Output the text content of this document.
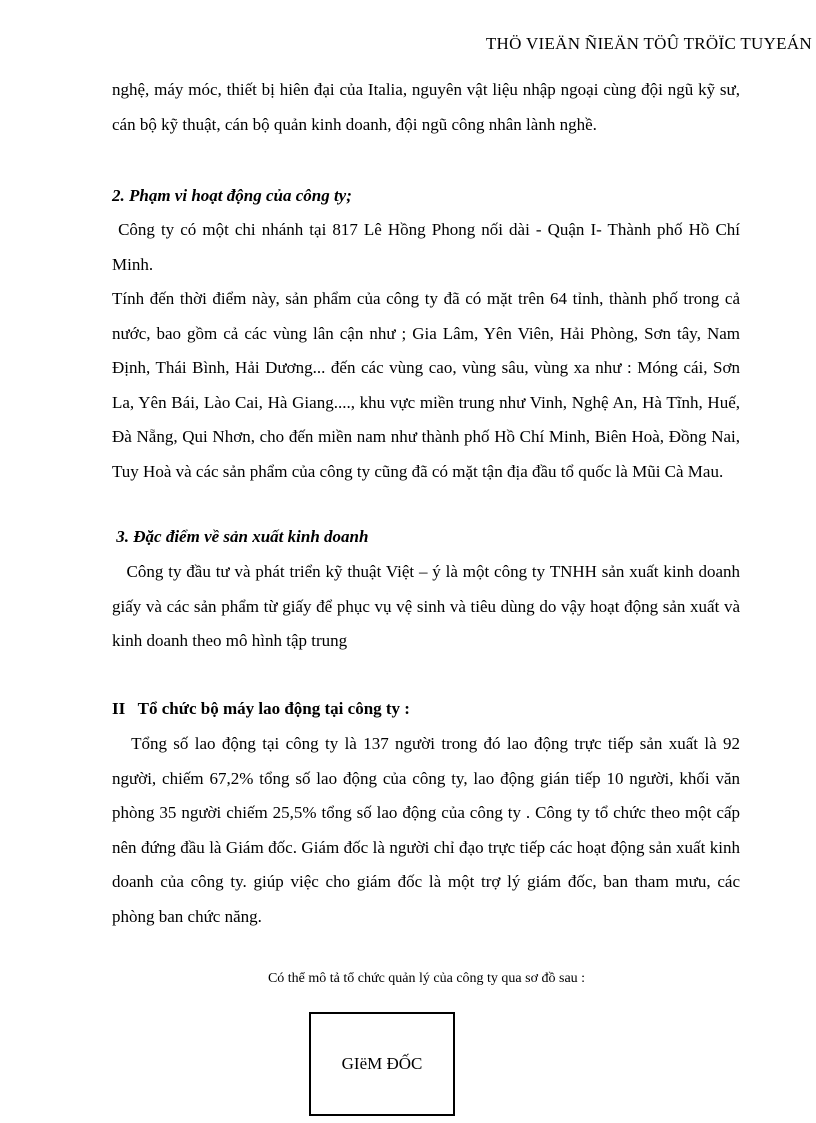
THÖ VIEÄN ÑIEÄN TÖÛ TRÖÏC TUYEÁN
nghệ, máy móc, thiết bị hiên đại của Italia, nguyên vật liệu nhập ngoại cùng đội ngũ kỹ sư, cán bộ kỹ thuật, cán bộ quản kinh doanh, đội ngũ công nhân lành nghề.
2. Phạm vi hoạt động của công ty;
Công ty có một chi nhánh tại 817 Lê Hồng Phong nối dài - Quận I- Thành phố Hồ Chí Minh.
Tính đến thời điểm này, sản phẩm của công ty đã có mặt trên 64 tỉnh, thành phố trong cả nước, bao gồm cả các vùng lân cận như ; Gia Lâm, Yên Viên, Hải Phòng, Sơn tây, Nam Định, Thái Bình, Hải Dương... đến các vùng cao, vùng sâu, vùng xa như : Móng cái, Sơn La, Yên Bái, Lào Cai, Hà Giang...., khu vực miền trung như Vinh, Nghệ An, Hà Tĩnh, Huế, Đà Nẵng, Qui Nhơn, cho đến miền nam như thành phố Hồ Chí Minh, Biên Hoà, Đồng Nai, Tuy Hoà và các sản phẩm của công ty cũng đã có mặt tận địa đầu tổ quốc là Mũi Cà Mau.
3. Đặc điểm về sản xuất kinh doanh
Công ty đầu tư và phát triển kỹ thuật Việt – ý là một công ty TNHH sản xuất kinh doanh giấy và các sản phẩm từ giấy để phục vụ vệ sinh và tiêu dùng do vậy hoạt động sản xuất và kinh doanh theo mô hình tập trung
II   Tổ chức bộ máy lao động tại công ty :
Tổng số lao động tại công ty là 137 người trong đó lao động trực tiếp sản xuất là 92 người, chiếm 67,2% tổng số lao động của công ty, lao động gián tiếp 10 người, khối văn phòng 35 người chiếm 25,5% tổng số lao động của công ty . Công ty tổ chức theo một cấp nên đứng đầu là Giám đốc. Giám đốc là người chỉ đạo trực tiếp các hoạt động sản xuất kinh doanh của công ty. giúp việc cho giám đốc là một trợ lý giám đốc, ban tham mưu, các phòng ban chức năng.
Có thể mô tả tổ chức quản lý của công ty qua sơ đồ sau :
GIëM ĐỐC
